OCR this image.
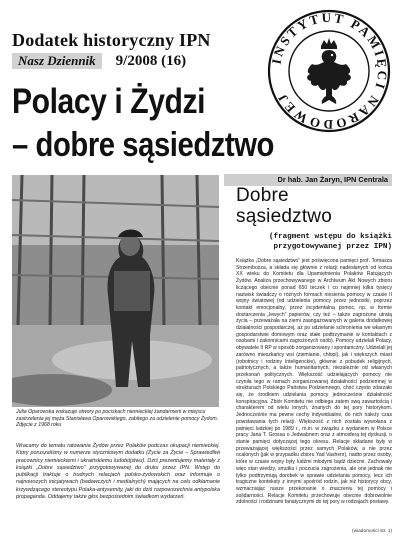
Dodatek historyczny IPN
Nasz Dziennik	9/2008 (16)
Polacy i Żydzi
– dobre sąsiedztwo
INSTYTUT PAMIĘCI NARODOWEJ
Julia Oparowska wskazuje otwory po pociskach niemieckiej żandarmerii w miejscu zastrzelenia jej męża Stanisława Oparowskiego, zabitego za udzielenie pomocy Żydom. Zdjęcie z 1968 roku
Wracamy do tematu ratowania Żydów przez Polaków podczas okupacji niemieckiej. Ktory poruszaliśmy w numerze styczniowym dodatku (Życie za Życie – Sprawiedliwi pracownicy niemieckiemi i ukraińskiemu ludobójstwu). Dziś prezentujemy materiały z książki „Dobre sąsiedztwo” przygotowywanej do druku przez IPN. Wstęp do publikacji traktuje o trudnych relacjach polsko-żydowskich oraz informuje o najnowszych inicjatywach (badawczych i medialnych) mających na celu odkłamanie krzywdzącego stereotypu Polaka-antysemity, jaki do dziś rozpowszechnia antypolska propaganda. Oddajemy także głos bezpośrednim świadkom wydarzeń.
Dr hab. Jan Żaryn, IPN Centrala
Dobre
sąsiedztwo
(fragment wstępu do książki
przygotowywanej przez IPN)
Książka „Dobre sąsiedztwo” jest poświęcona pamięci prof. Tomasza Strzembosza, a składa się głównie z relacji nadesłanych od końca XX wieku do Komitetu dla Upamiętnienia Polaków Ratujących Żydów. Analiza przechowywanego w Archiwum Akt Nowych zbioru liczącego obecnie ponad 650 teczek i co najmniej kilka tysięcy nazwisk świadczy o różnych formach niesienia pomocy w czasie II wojny światowej (od udzielenia pomocy przez jednostki, poprzez kontakt emocjonalny, przez incydentalną pomoc, np. w formie dostarczenia „lewych” papierów, czy też – także zagrożone utratą życia – przeważała na ziemi zaangażowanych w galeria dodatkowej działalności gospodarczej, aż po udzielanie schronienia we własnym gospodarstwie domowym oraz stałe podtrzymanie w kontaktach z osobami i zakonnicami zagrożonych osób). Pomocy udzielali Polacy, obywatele II RP w sposób zorganizowany i spontaniczny. Udzielali jej zarówno mieszkańcy wsi (ziemianie, chłopi), jak i większych miast (robotnicy i rodziny inteligenckie), głównie z pobudek religijnych, patriotycznych, a także humanitarnych, niezależnie od własnych przekonań politycznych. Większość udzielających pomocy nie czyniła tego w ramach zorganizowanej działalności podziemnej w strukturach Polskiego Państwa Podziemnego, choć często zdarzało się, że środkiem udzielania pomocy jednocześnie działalność konspiracyjna. Zbiór Komitetu nie odbiega zatem swą zawartością i charakterem od wielu innych, znanych do tej pory historykom. Jednocześnie ma pewne cechy indywidualne, do nich należy czas powstawania tych relacji. Większość z nich została wywołana z pamięci ludzkiej po 1989 r., m.in. w związku z wydaniem w Polsce pracy Jana T. Grossa o Jedwabnem oraz z atmosferą tej dyskusji, o stanie pamięci dotyczącej tego okresu. Relacje składane były w przeważającej większości przez samych Polaków, a nie przez ocalonych (jak w przypadku zbioru Yad Vashem), nadto przez osoby, które w czasie wojny były ludźmi młodymi bądź dziećmi. Zachowały więc stan wiedzy, smutku i poczucia zagrożenia, ale one jednak nie tylko podtrzymują dorobek w sprawie udzielania pomocy, lecz ich tragiczne konteksty z innymi spośród rodzin, jak niż historycy obcy, wzmacniając nasze przekonanie o znaczeniu tej pomocy i solidarności. Relacje Komitetu przechowuje obecnie dobrowolnie zdolności i rodzinami fanatycznymi do tej pory w rodzajach postawy.
(wiadomości str. 1)
